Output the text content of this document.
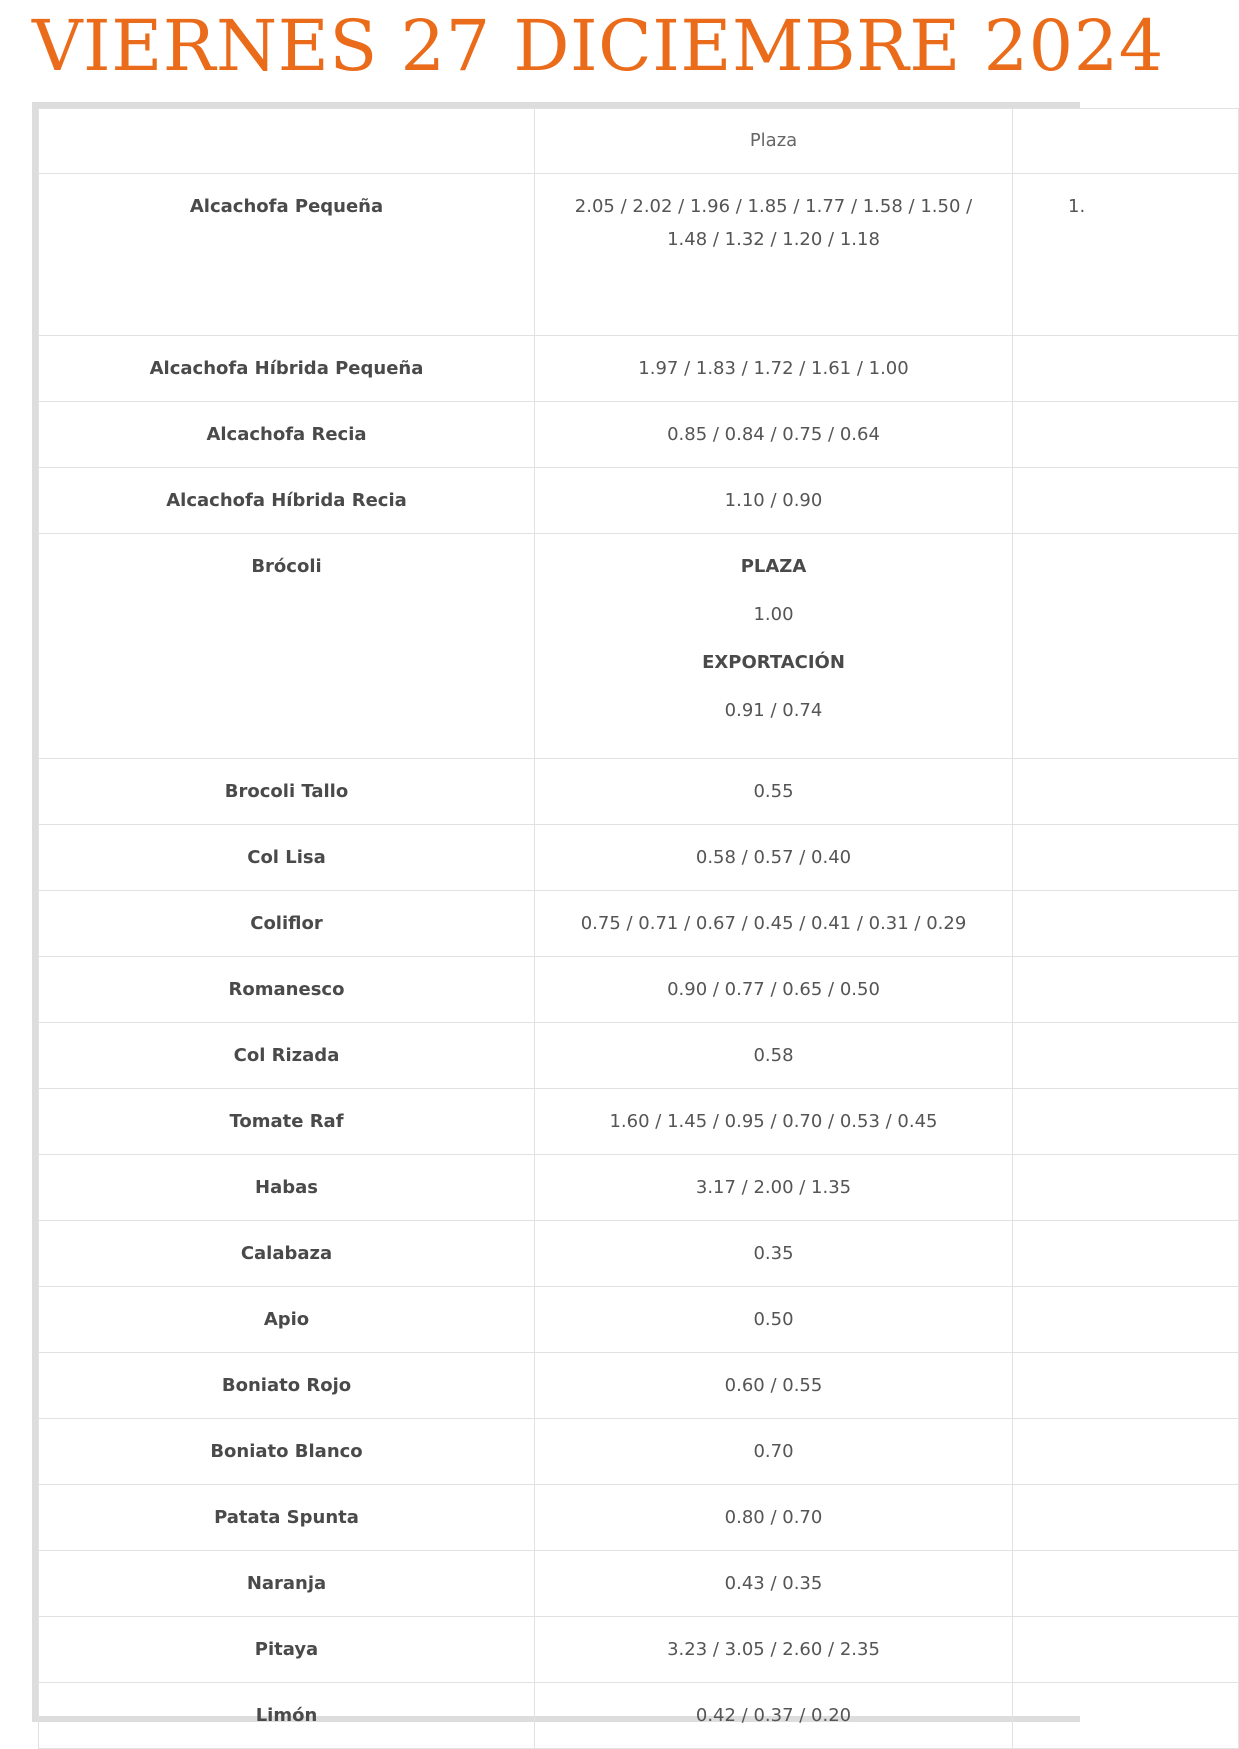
VIERNES 27 DICIEMBRE 2024
	Plaza	
Alcachofa Pequeña	2.05 / 2.02 / 1.96 / 1.85 / 1.77 / 1.58 / 1.50 / 1.48 / 1.32 / 1.20 / 1.18	1.
Alcachofa Híbrida Pequeña	1.97 / 1.83 / 1.72 / 1.61 / 1.00	
Alcachofa Recia	0.85 / 0.84 / 0.75 / 0.64	
Alcachofa Híbrida Recia	1.10 / 0.90	
Brócoli	PLAZA
1.00
EXPORTACIÓN
0.91 / 0.74	

Brocoli Tallo	0.55	
Col Lisa	0.58 / 0.57 / 0.40	
Coliflor	0.75 / 0.71 / 0.67 / 0.45 / 0.41 / 0.31 / 0.29	
Romanesco	0.90 / 0.77 / 0.65 / 0.50	
Col Rizada	0.58	
Tomate Raf	1.60 / 1.45 / 0.95 / 0.70 / 0.53 / 0.45	
Habas	3.17 / 2.00 / 1.35	
Calabaza	0.35	
Apio	0.50	
Boniato Rojo	0.60 / 0.55	
Boniato Blanco	0.70	
Patata Spunta	0.80 / 0.70	
Naranja	0.43 / 0.35	
Pitaya	3.23 / 3.05 / 2.60 / 2.35	
Limón	0.42 / 0.37 / 0.20	
